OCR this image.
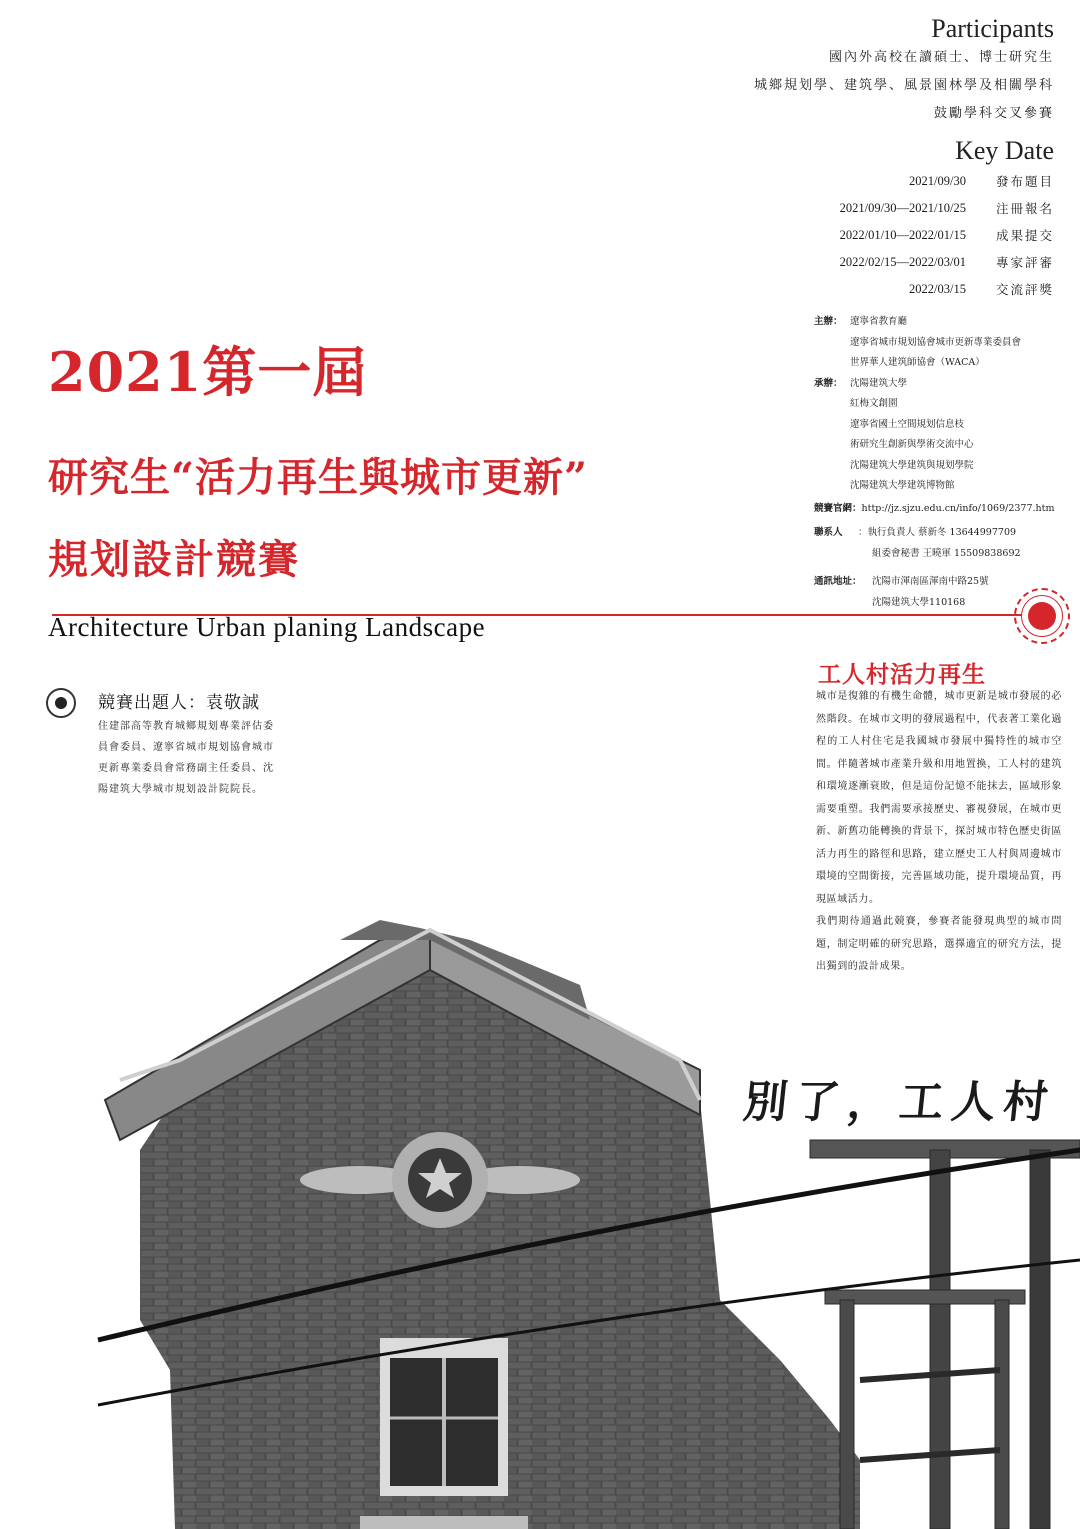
Participants
國內外高校在讀碩士、博士研究生
城鄉規划學、建筑學、風景園林學及相關學科
鼓勵學科交叉參賽
Key Date
2021/09/30	發布題目
2021/09/30—2021/10/25	注冊報名
2022/01/10—2022/01/15	成果提交
2022/02/15—2022/03/01	專家評審
2022/03/15	交流評獎
主辦： 遼寧省教育廳
遼寧省城市規划協會城市更新專業委員會
世界華人建筑師協會（WACA）
承辦： 沈陽建筑大學
紅梅文創園
遼寧省國土空間規划信息枝
術研究生創新與學術交流中心
沈陽建筑大學建筑與規划學院
沈陽建筑大學建筑博物館
競賽官網： http://jz.sjzu.edu.cn/info/1069/2377.htm
聯系人	：執行負責人 蔡新冬 13644997709
組委會秘書 王曉軍 15509838692
通訊地址：	沈陽市渾南區渾南中路25號
沈陽建筑大學110168
2021第一屆
研究生“活力再生與城市更新”
規划設計競賽
Architecture Urban planing Landscape
競賽出題人：袁敬誠
住建部高等教育城鄉規划專業評估委員會委員、遼寧省城市規划協會城市更新專業委員會常務副主任委員、沈陽建筑大學城市規划設計院院長。
工人村活力再生

城市是復雜的有機生命體，城市更新是城市發展的必然階段。在城市文明的發展過程中，代表著工業化過程的工人村住宅是我國城市發展中獨特性的城市空間。伴隨著城市產業升級和用地置換，工人村的建筑和環境逐漸衰敗，但是這份記憶不能抹去，區域形象需要重塑。我們需要承接歷史、審視發展，在城市更新、新舊功能轉換的背景下，探討城市特色歷史街區活力再生的路徑和思路，建立歷史工人村與周邊城市環境的空間銜接，完善區域功能，提升環境品質，再現區域活力。

我們期待通過此競賽，參賽者能發現典型的城市問題，制定明確的研究思路，選擇適宜的研究方法，提出獨到的設計成果。

別了，工人村
